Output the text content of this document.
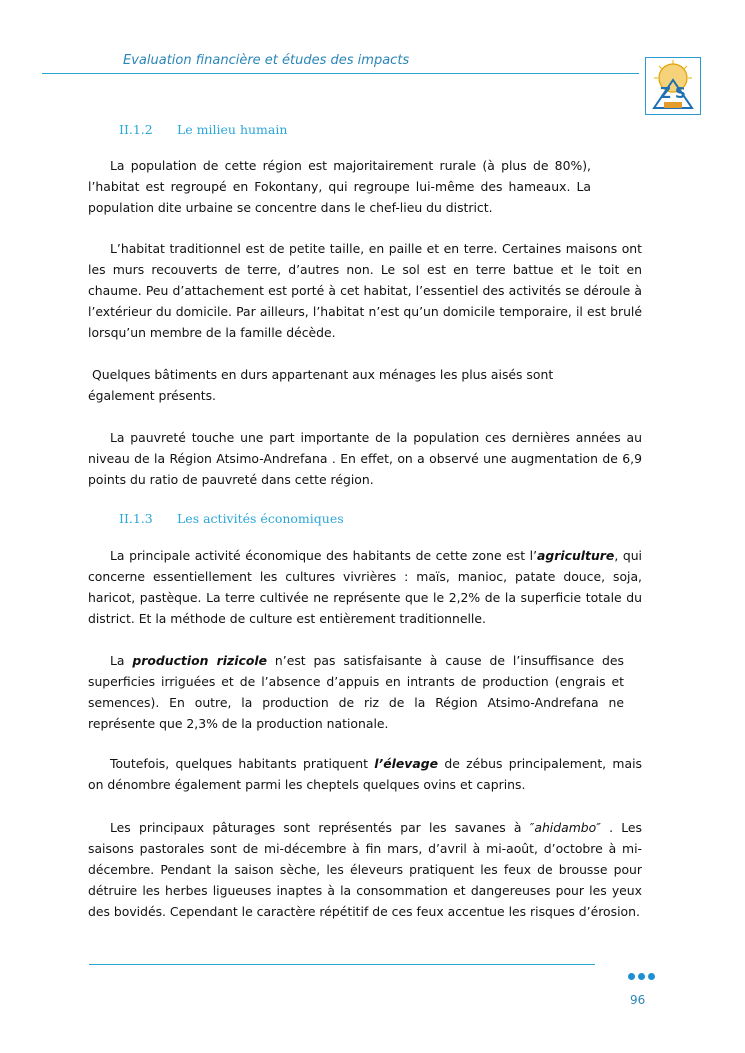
Evaluation financière et études des impacts
Z S
II.1.2 Le milieu humain
La population de cette région est majoritairement rurale (à plus de 80%), l’habitat est regroupé en Fokontany, qui regroupe lui-même des hameaux. La population dite urbaine se concentre dans le chef-lieu du district.
L’habitat traditionnel est de petite taille, en paille et en terre. Certaines maisons ont les murs recouverts de terre, d’autres non. Le sol est en terre battue et le toit en chaume. Peu d’attachement est porté à cet habitat, l’essentiel des activités se déroule à l’extérieur du domicile. Par ailleurs, l’habitat n’est qu’un domicile temporaire, il est brulé lorsqu’un membre de la famille décède.
Quelques bâtiments en durs appartenant aux ménages les plus aisés sont également présents.
La pauvreté touche une part importante de la population ces dernières années au niveau de la Région Atsimo-Andrefana . En effet, on a observé une augmentation de 6,9 points du ratio de pauvreté dans cette région.
II.1.3 Les activités économiques
La principale activité économique des habitants de cette zone est l’agriculture, qui concerne essentiellement les cultures vivrières : maïs, manioc, patate douce, soja, haricot, pastèque. La terre cultivée ne représente que le 2,2% de la superficie totale du district. Et la méthode de culture est entièrement traditionnelle.
La production rizicole n’est pas satisfaisante à cause de l’insuffisance des superficies irriguées et de l’absence d’appuis en intrants de production (engrais et semences). En outre, la production de riz de la Région Atsimo-Andrefana ne représente que 2,3% de la production nationale.
Toutefois, quelques habitants pratiquent l’élevage de zébus principalement, mais on dénombre également parmi les cheptels quelques ovins et caprins.
Les principaux pâturages sont représentés par les savanes à ″ahidambo″ . Les saisons pastorales sont de mi-décembre à fin mars, d’avril à mi-août, d’octobre à mi-décembre. Pendant la saison sèche, les éleveurs pratiquent les feux de brousse pour détruire les herbes ligueuses inaptes à la consommation et dangereuses pour les yeux des bovidés. Cependant le caractère répétitif de ces feux accentue les risques d’érosion.
96
